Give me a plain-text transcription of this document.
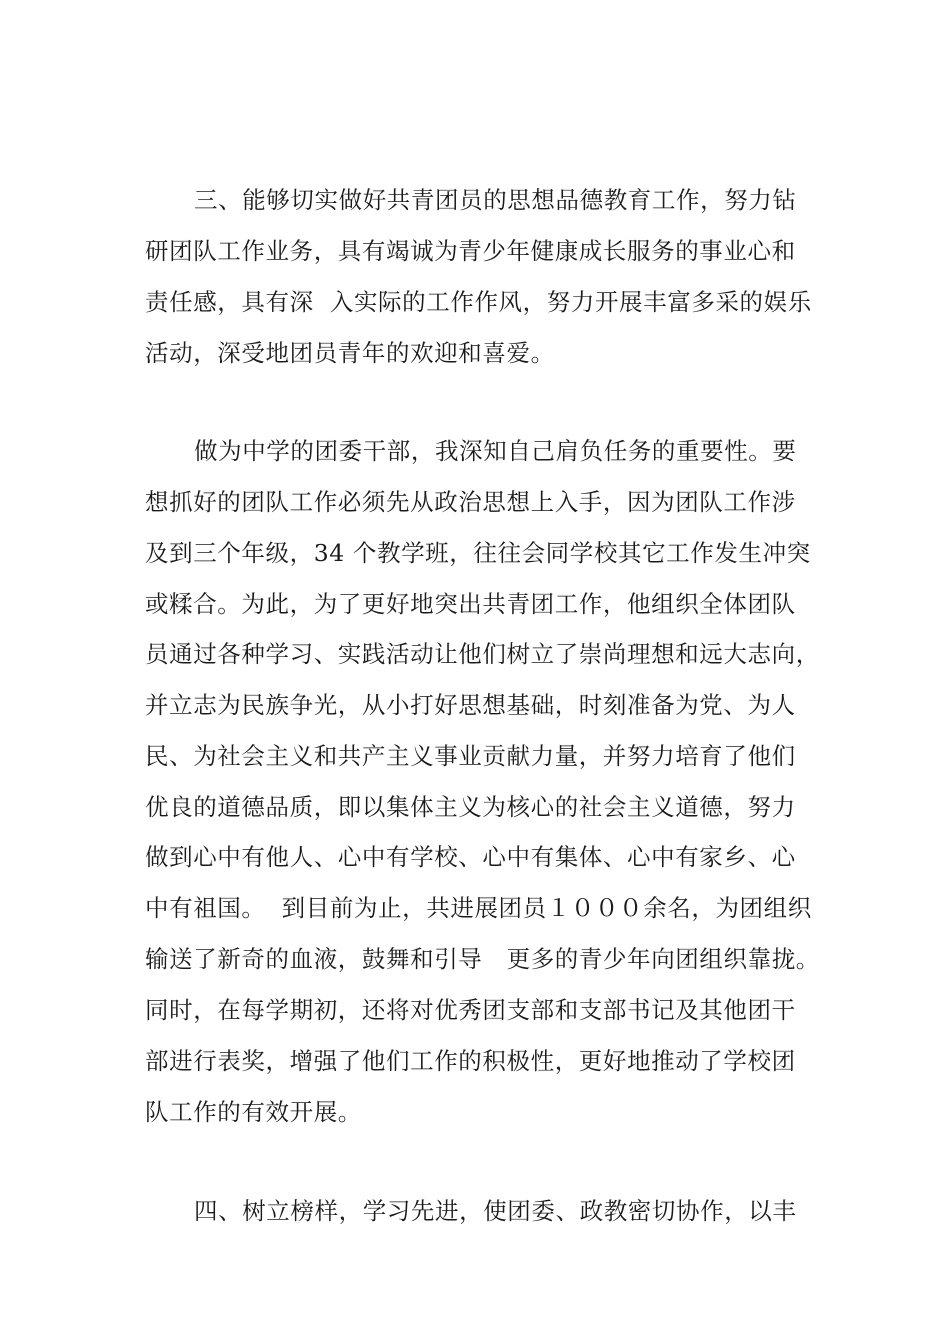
三、能够切实做好共青团员的思想品德教育工作，努力钻
研团队工作业务，具有竭诚为青少年健康成长服务的事业心和
责任感，具有深  入实际的工作作风，努力开展丰富多采的娱乐
活动，深受地团员青年的欢迎和喜爱。
做为中学的团委干部，我深知自己肩负任务的重要性。要
想抓好的团队工作必须先从政治思想上入手，因为团队工作涉
及到三个年级，34 个教学班，往往会同学校其它工作发生冲突
或糅合。为此，为了更好地突出共青团工作，他组织全体团队
员通过各种学习、实践活动让他们树立了崇尚理想和远大志向，
并立志为民族争光，从小打好思想基础，时刻准备为党、为人
民、为社会主义和共产主义事业贡献力量，并努力培育了他们
优良的道德品质，即以集体主义为核心的社会主义道德，努力
做到心中有他人、心中有学校、心中有集体、心中有家乡、心
中有祖国。  到目前为止，共进展团员１０００余名，为团组织
输送了新奇的血液，鼓舞和引导   更多的青少年向团组织靠拢。
同时，在每学期初，还将对优秀团支部和支部书记及其他团干
部进行表奖，增强了他们工作的积极性，更好地推动了学校团
队工作的有效开展。
四、树立榜样，学习先进，使团委、政教密切协作，以丰
